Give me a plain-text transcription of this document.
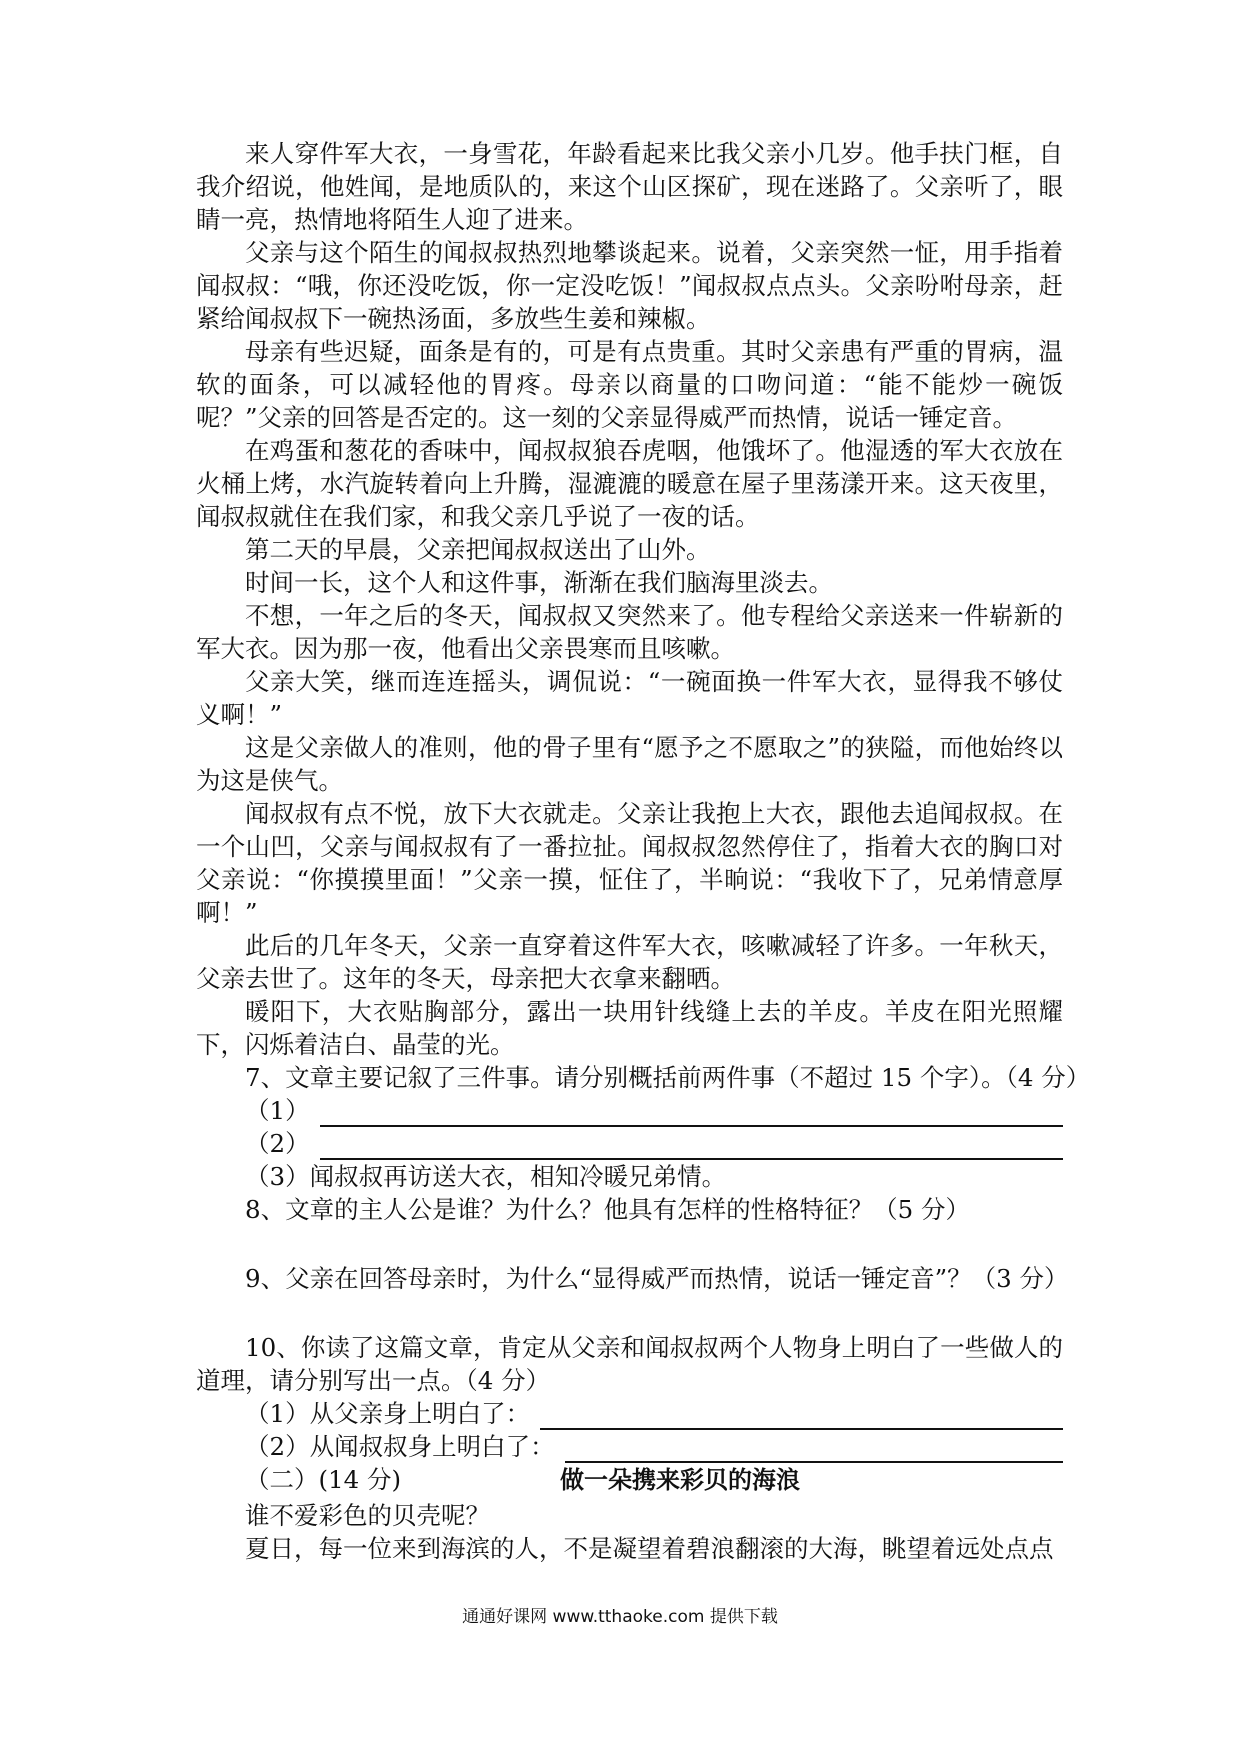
来人穿件军大衣，一身雪花，年龄看起来比我父亲小几岁。他手扶门框，自我介绍说，他姓闻，是地质队的，来这个山区探矿，现在迷路了。父亲听了，眼睛一亮，热情地将陌生人迎了进来。

父亲与这个陌生的闻叔叔热烈地攀谈起来。说着，父亲突然一怔，用手指着闻叔叔：“哦，你还没吃饭，你一定没吃饭！”闻叔叔点点头。父亲吩咐母亲，赶紧给闻叔叔下一碗热汤面，多放些生姜和辣椒。

母亲有些迟疑，面条是有的，可是有点贵重。其时父亲患有严重的胃病，温软的面条，可以减轻他的胃疼。母亲以商量的口吻问道：“能不能炒一碗饭呢？”父亲的回答是否定的。这一刻的父亲显得威严而热情，说话一锤定音。

在鸡蛋和葱花的香味中，闻叔叔狼吞虎咽，他饿坏了。他湿透的军大衣放在火桶上烤，水汽旋转着向上升腾，湿漉漉的暖意在屋子里荡漾开来。这天夜里，闻叔叔就住在我们家，和我父亲几乎说了一夜的话。

第二天的早晨，父亲把闻叔叔送出了山外。

时间一长，这个人和这件事，渐渐在我们脑海里淡去。

不想，一年之后的冬天，闻叔叔又突然来了。他专程给父亲送来一件崭新的军大衣。因为那一夜，他看出父亲畏寒而且咳嗽。

父亲大笑，继而连连摇头，调侃说：“一碗面换一件军大衣，显得我不够仗义啊！”

这是父亲做人的准则，他的骨子里有“愿予之不愿取之”的狭隘，而他始终以为这是侠气。

闻叔叔有点不悦，放下大衣就走。父亲让我抱上大衣，跟他去追闻叔叔。在一个山凹，父亲与闻叔叔有了一番拉扯。闻叔叔忽然停住了，指着大衣的胸口对父亲说：“你摸摸里面！”父亲一摸，怔住了，半晌说：“我收下了，兄弟情意厚啊！”

此后的几年冬天，父亲一直穿着这件军大衣，咳嗽减轻了许多。一年秋天，父亲去世了。这年的冬天，母亲把大衣拿来翻晒。

暖阳下，大衣贴胸部分，露出一块用针线缝上去的羊皮。羊皮在阳光照耀下，闪烁着洁白、晶莹的光。

7、文章主要记叙了三件事。请分别概括前两件事（不超过 15 个字）。（4 分）

（1）
（2）

（3）闻叔叔再访送大衣，相知冷暖兄弟情。

8、文章的主人公是谁？为什么？他具有怎样的性格特征？（5 分）

9、父亲在回答母亲时，为什么“显得威严而热情，说话一锤定音”？（3 分）

10、你读了这篇文章，肯定从父亲和闻叔叔两个人物身上明白了一些做人的道理，请分别写出一点。（4 分）

（1）从父亲身上明白了：
（2）从闻叔叔身上明白了：
（二）(14 分)	做一朵携来彩贝的海浪

谁不爱彩色的贝壳呢？

夏日，每一位来到海滨的人，不是凝望着碧浪翻滚的大海，眺望着远处点点

通通好课网 www.tthaoke.com 提供下载
